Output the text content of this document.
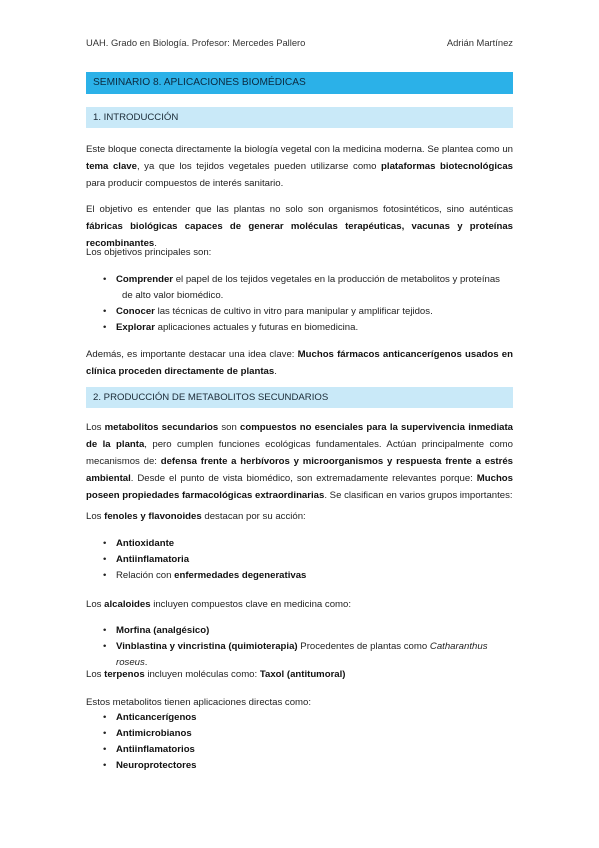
UAH. Grado en Biología. Profesor: Mercedes Pallero	Adrián Martínez
SEMINARIO 8. APLICACIONES BIOMÉDICAS
1. INTRODUCCIÓN

Este bloque conecta directamente la biología vegetal con la medicina moderna. Se plantea como un tema clave, ya que los tejidos vegetales pueden utilizarse como plataformas biotecnológicas para producir compuestos de interés sanitario.

El objetivo es entender que las plantas no solo son organismos fotosintéticos, sino auténticas fábricas biológicas capaces de generar moléculas terapéuticas, vacunas y proteínas recombinantes.

Los objetivos principales son:

• Comprender el papel de los tejidos vegetales en la producción de metabolitos y proteínas
de alto valor biomédico.
• Conocer las técnicas de cultivo in vitro para manipular y amplificar tejidos.
• Explorar aplicaciones actuales y futuras en biomedicina.

Además, es importante destacar una idea clave: Muchos fármacos anticancerígenos usados en clínica proceden directamente de plantas.

2. PRODUCCIÓN DE METABOLITOS SECUNDARIOS

Los metabolitos secundarios son compuestos no esenciales para la supervivencia inmediata de la planta, pero cumplen funciones ecológicas fundamentales. Actúan principalmente como mecanismos de: defensa frente a herbívoros y microorganismos y respuesta frente a estrés ambiental. Desde el punto de vista biomédico, son extremadamente relevantes porque: Muchos poseen propiedades farmacológicas extraordinarias. Se clasifican en varios grupos importantes:

Los fenoles y flavonoides destacan por su acción:

• Antioxidante
• Antiinflamatoria
• Relación con enfermedades degenerativas

Los alcaloides incluyen compuestos clave en medicina como:

• Morfina (analgésico)
• Vinblastina y vincristina (quimioterapia) Procedentes de plantas como Catharanthus roseus.

Los terpenos incluyen moléculas como: Taxol (antitumoral)

Estos metabolitos tienen aplicaciones directas como:

• Anticancerígenos
• Antimicrobianos
• Antiinflamatorios
• Neuroprotectores
